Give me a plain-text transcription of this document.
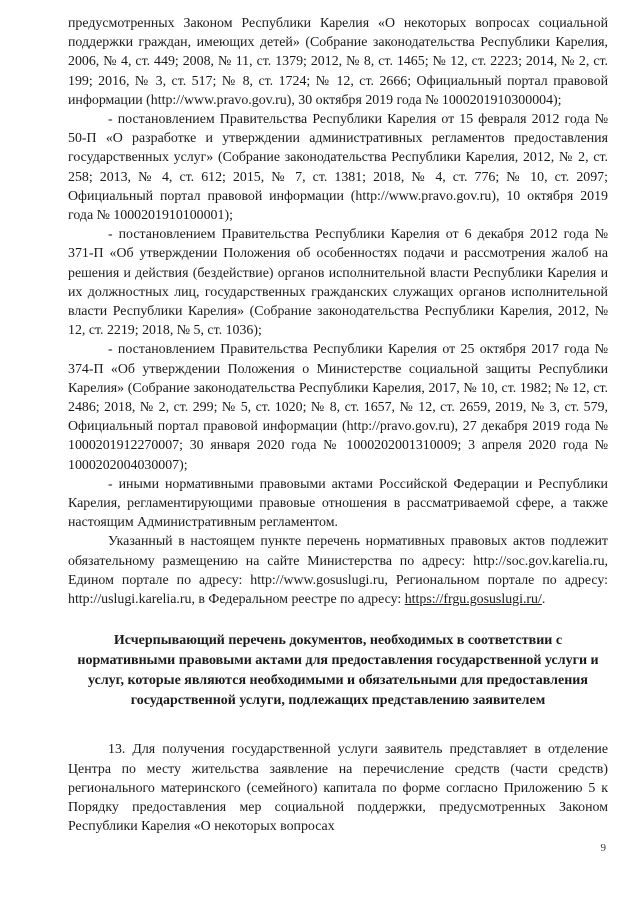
предусмотренных Законом Республики Карелия «О некоторых вопросах социальной поддержки граждан, имеющих детей» (Собрание законодательства Республики Карелия, 2006, № 4, ст. 449; 2008, № 11, ст. 1379; 2012, № 8, ст. 1465; № 12, ст. 2223; 2014, № 2, ст. 199; 2016, № 3, ст. 517; № 8, ст. 1724; № 12, ст. 2666; Официальный портал правовой информации (http://www.pravo.gov.ru), 30 октября 2019 года № 1000201910300004);

- постановлением Правительства Республики Карелия от 15 февраля 2012 года № 50-П «О разработке и утверждении административных регламентов предоставления государственных услуг» (Собрание законодательства Республики Карелия, 2012, № 2, ст. 258; 2013, № 4, ст. 612; 2015, № 7, ст. 1381; 2018, № 4, ст. 776; № 10, ст. 2097; Официальный портал правовой информации (http://www.pravo.gov.ru), 10 октября 2019 года № 1000201910100001);

- постановлением Правительства Республики Карелия от 6 декабря 2012 года № 371-П «Об утверждении Положения об особенностях подачи и рассмотрения жалоб на решения и действия (бездействие) органов исполнительной власти Республики Карелия и их должностных лиц, государственных гражданских служащих органов исполнительной власти Республики Карелия» (Собрание законодательства Республики Карелия, 2012, № 12, ст. 2219; 2018, № 5, ст. 1036);

- постановлением Правительства Республики Карелия от 25 октября 2017 года № 374-П «Об утверждении Положения о Министерстве социальной защиты Республики Карелия» (Собрание законодательства Республики Карелия, 2017, № 10, ст. 1982; № 12, ст. 2486; 2018, № 2, ст. 299; № 5, ст. 1020; № 8, ст. 1657, № 12, ст. 2659, 2019, № 3, ст. 579, Официальный портал правовой информации (http://pravo.gov.ru), 27 декабря 2019 года № 1000201912270007; 30 января 2020 года № 1000202001310009; 3 апреля 2020 года № 1000202004030007);

- иными нормативными правовыми актами Российской Федерации и Республики Карелия, регламентирующими правовые отношения в рассматриваемой сфере, а также настоящим Административным регламентом.

Указанный в настоящем пункте перечень нормативных правовых актов подлежит обязательному размещению на сайте Министерства по адресу: http://soc.gov.karelia.ru, Едином портале по адресу: http://www.gosuslugi.ru, Региональном портале по адресу: http://uslugi.karelia.ru, в Федеральном реестре по адресу: https://frgu.gosuslugi.ru/.

Исчерпывающий перечень документов, необходимых в соответствии с нормативными правовыми актами для предоставления государственной услуги и услуг, которые являются необходимыми и обязательными для предоставления государственной услуги, подлежащих представлению заявителем

13. Для получения государственной услуги заявитель представляет в отделение Центра по месту жительства заявление на перечисление средств (части средств) регионального материнского (семейного) капитала по форме согласно Приложению 5 к Порядку предоставления мер социальной поддержки, предусмотренных Законом Республики Карелия «О некоторых вопросах

9
